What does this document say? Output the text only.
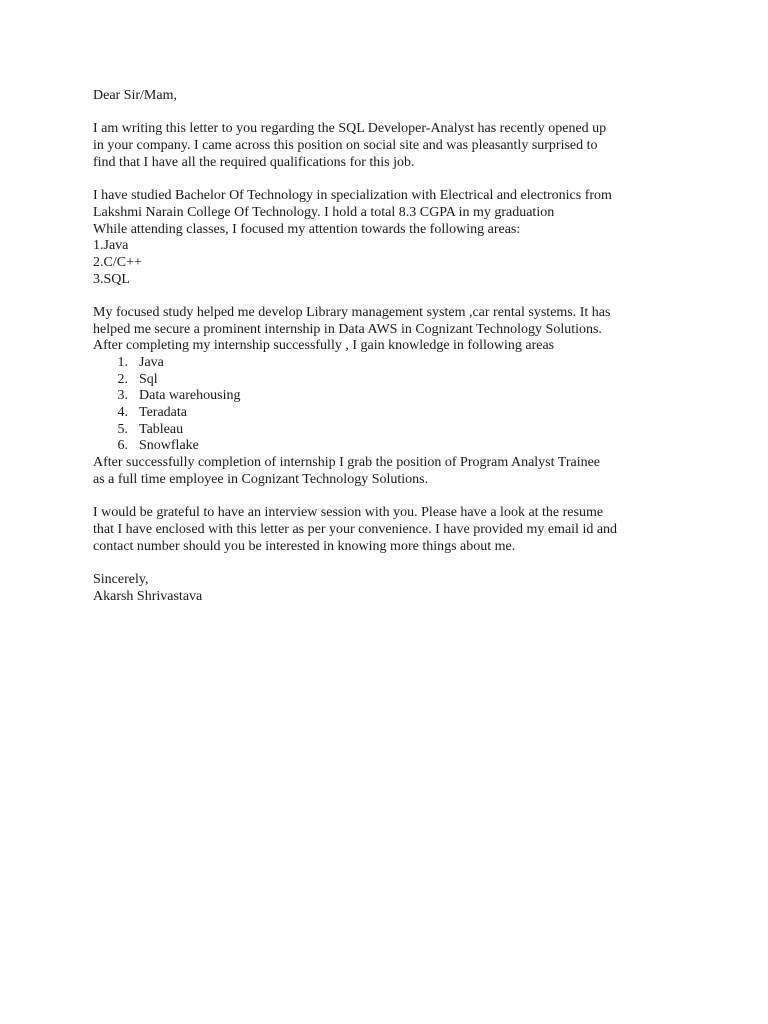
Dear Sir/Mam,
I am writing this letter to you regarding the SQL Developer-Analyst has recently opened up
in your company. I came across this position on social site and was pleasantly surprised to
find that I have all the required qualifications for this job.
I have studied Bachelor Of Technology in specialization with Electrical and electronics from
Lakshmi Narain College Of Technology. I hold a total 8.3 CGPA in my graduation
While attending classes, I focused my attention towards the following areas:
1.Java
2.C/C++
3.SQL
My focused study helped me develop Library management system ,car rental systems. It has
helped me secure a prominent internship in Data AWS in Cognizant Technology Solutions.
After completing my internship successfully , I gain knowledge in following areas
1. Java
2. Sql
3. Data warehousing
4. Teradata
5. Tableau
6. Snowflake
After successfully completion of internship I grab the position of Program Analyst Trainee
as a full time employee in Cognizant Technology Solutions.
I would be grateful to have an interview session with you. Please have a look at the resume
that I have enclosed with this letter as per your convenience. I have provided my email id and
contact number should you be interested in knowing more things about me.
Sincerely,
Akarsh Shrivastava
